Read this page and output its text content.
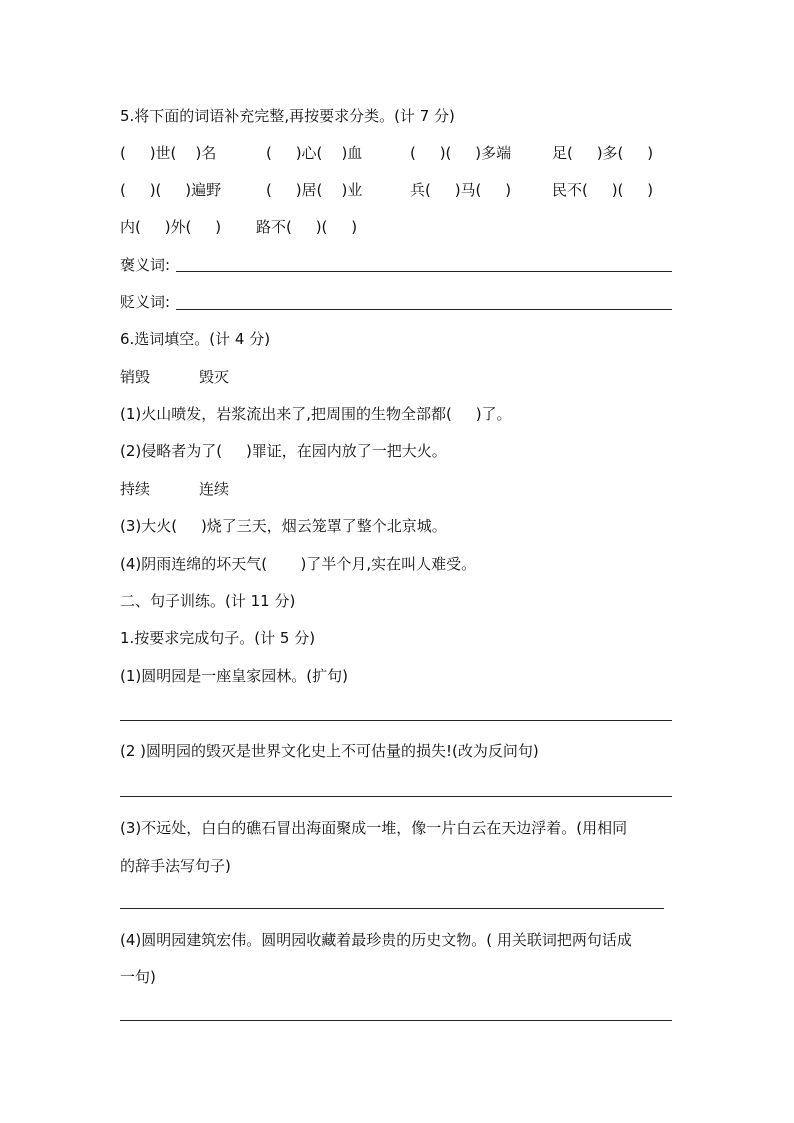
5.将下面的词语补充完整,再按要求分类。(计 7 分)
(     )世(    )名	(     )心(    )血	(     )(     )多端	足(     )多(     )
(     )(     )遍野	(     )居(    )业	兵(     )马(     )	民不(     )(     )
内(     )外(     ) 路不(     )(     )
褒义词:
贬义词:
6.选词填空。(计 4 分)
销毁	毁灭
(1)火山喷发，岩浆流出来了,把周围的生物全部都(     )了。
(2)侵略者为了(     )罪证，在园内放了一把大火。
持续	连续
(3)大火(     )烧了三天，烟云笼罩了整个北京城。
(4)阴雨连绵的坏天气(       )了半个月,实在叫人难受。
二、句子训练。(计 11 分)
1.按要求完成句子。(计 5 分)
(1)圆明园是一座皇家园林。(扩句)
(2 )圆明园的毁灭是世界文化史上不可估量的损失!(改为反问句)
(3)不远处，白白的礁石冒出海面聚成一堆，像一片白云在天边浮着。(用相同
的辞手法写句子)
(4)圆明园建筑宏伟。圆明园收藏着最珍贵的历史文物。( 用关联词把两句话成
一句)
